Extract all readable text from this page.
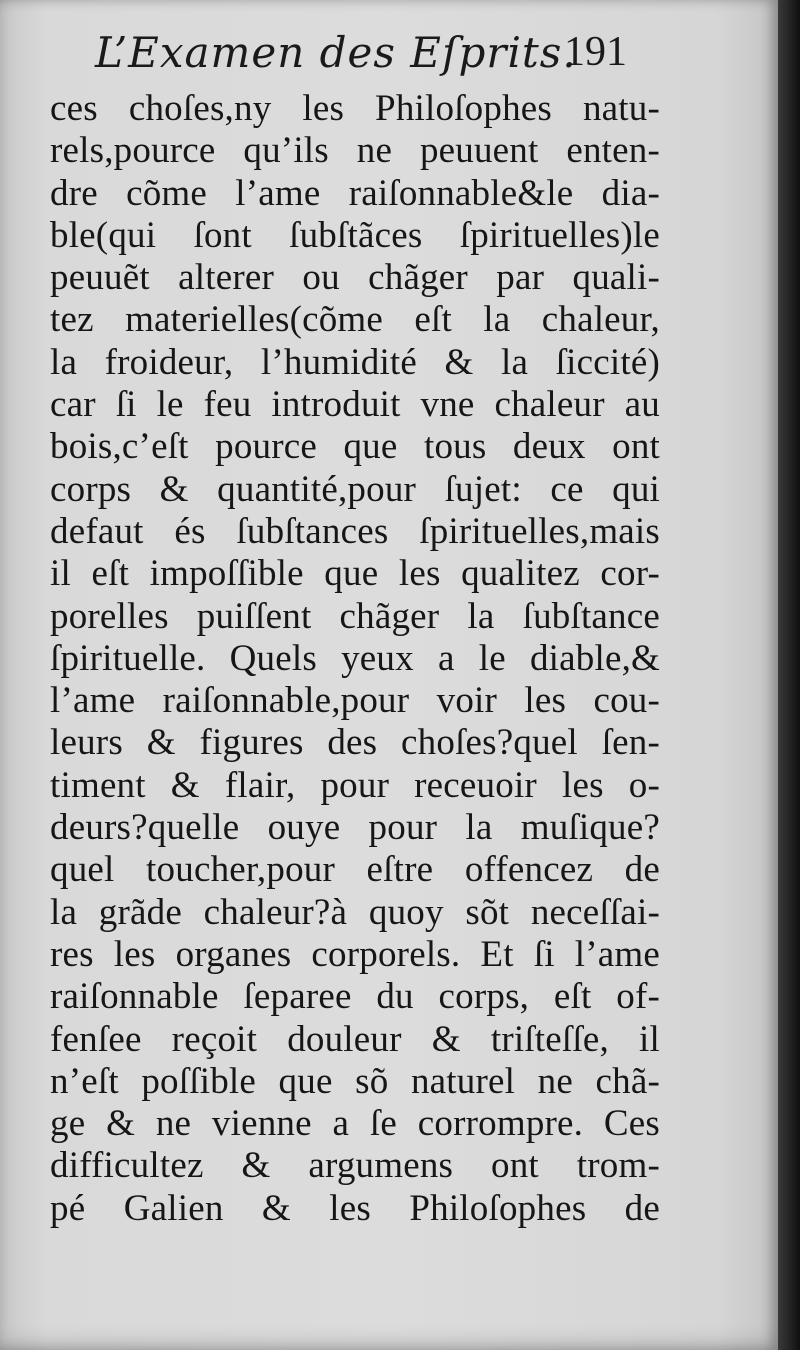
L’Examen des Eſprits.
191
ces choſes,ny les Philoſophes natu-
rels,pource qu’ils ne peuuent enten-
dre cõme l’ame raiſonnable&le dia-
ble(qui ſont ſubſtãces ſpirituelles)le
peuuẽt alterer ou chãger par quali-
tez materielles(cõme eſt la chaleur,
la froideur, l’humidité & la ſiccité)
car ſi le feu introduit vne chaleur au
bois,c’eſt pource que tous deux ont
corps & quantité,pour ſujet: ce qui
defaut és ſubſtances ſpirituelles,mais
il eſt impoſſible que les qualitez cor-
porelles puiſſent chãger la ſubſtance
ſpirituelle. Quels yeux a le diable,&
l’ame raiſonnable,pour voir les cou-
leurs & figures des choſes?quel ſen-
timent & flair, pour receuoir les o-
deurs?quelle ouye pour la muſique?
quel toucher,pour eſtre offencez de
la grãde chaleur?à quoy sõt neceſſai-
res les organes corporels. Et ſi l’ame
raiſonnable ſeparee du corps, eſt of-
fenſee reçoit douleur & triſteſſe, il
n’eſt poſſible que sõ naturel ne chã-
ge & ne vienne a ſe corrompre. Ces
difficultez & argumens ont trom-
pé Galien & les Philoſophes de
